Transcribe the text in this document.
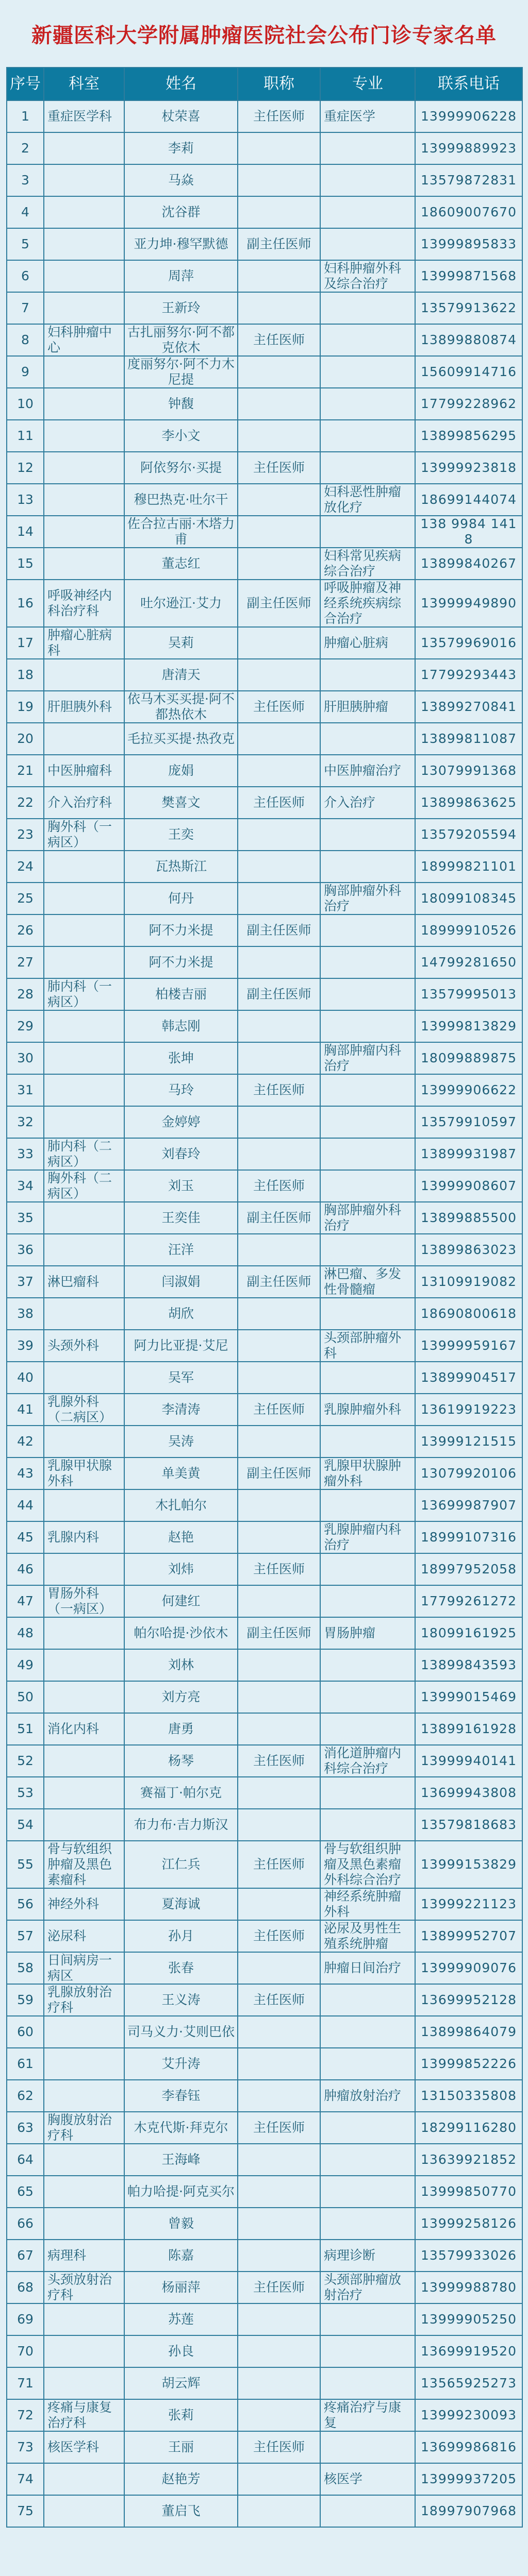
新疆医科大学附属肿瘤医院社会公布门诊专家名单
序号	科室	姓名	职称	专业	联系电话
1	重症医学科	杖荣喜	主任医师	重症医学	13999906228
2		李莉			13999889923
3		马焱			13579872831
4		沈谷群			18609007670
5		亚力坤·穆罕默德	副主任医师		13999895833
6		周萍		妇科肿瘤外科及综合治疗	13999871568
7		王新玲			13579913622
8	妇科肿瘤中心	古扎丽努尔·阿不都克依木	主任医师		13899880874
9		度丽努尔·阿不力木尼提			15609914716
10		钟馥			17799228962
11		李小文			13899856295
12		阿依努尔·买提	主任医师		13999923818
13		穆巴热克·吐尔干		妇科恶性肿瘤放化疗	18699144074
14		佐合拉古丽·木塔力甫			138 9984 1418
15		董志红		妇科常见疾病综合治疗	13899840267
16	呼吸神经内科治疗科	吐尔逊江·艾力	副主任医师	呼吸肿瘤及神经系统疾病综合治疗	13999949890
17	肿瘤心脏病科	吴莉		肿瘤心脏病	13579969016
18		唐清天			17799293443
19	肝胆胰外科	依马木买买提·阿不都热依木	主任医师	肝胆胰肿瘤	13899270841
20		毛拉买买提·热孜克			13899811087
21	中医肿瘤科	庞娟		中医肿瘤治疗	13079991368
22	介入治疗科	樊喜文	主任医师	介入治疗	13899863625
23	胸外科（一病区）	王奕			13579205594
24		瓦热斯江			18999821101
25		何丹		胸部肿瘤外科治疗	18099108345
26		阿不力米提	副主任医师		18999910526
27		阿不力米提			14799281650
28	肺内科（一病区）	柏楼吉丽	副主任医师		13579995013
29		韩志刚			13999813829
30		张坤		胸部肿瘤内科治疗	18099889875
31		马玲	主任医师		13999906622
32		金婷婷			13579910597
33	肺内科（二病区）	刘春玲			13899931987
34	胸外科（二病区）	刘玉	主任医师		13999908607
35		王奕佳	副主任医师	胸部肿瘤外科治疗	13899885500
36		汪洋			13899863023
37	淋巴瘤科	闫淑娟	副主任医师	淋巴瘤、多发性骨髓瘤	13109919082
38		胡欣			18690800618
39	头颈外科	阿力比亚提·艾尼		头颈部肿瘤外科	13999959167
40		吴军			13899904517
41	乳腺外科（二病区）	李清涛	主任医师	乳腺肿瘤外科	13619919223
42		吴涛			13999121515
43	乳腺甲状腺外科	单美黄	副主任医师	乳腺甲状腺肿瘤外科	13079920106
44		木扎帕尔			13699987907
45	乳腺内科	赵艳		乳腺肿瘤内科治疗	18999107316
46		刘炜	主任医师		18997952058
47	胃肠外科（一病区）	何建红			17799261272
48		帕尔哈提·沙依木	副主任医师	胃肠肿瘤	18099161925
49		刘林			13899843593
50		刘方亮			13999015469
51	消化内科	唐勇			13899161928
52		杨琴	主任医师	消化道肿瘤内科综合治疗	13999940141
53		赛福丁·帕尔克			13699943808
54		布力布·吉力斯汉			13579818683
55	骨与软组织肿瘤及黑色素瘤科	江仁兵	主任医师	骨与软组织肿瘤及黑色素瘤外科综合治疗	13999153829
56	神经外科	夏海诚		神经系统肿瘤外科	13999221123
57	泌尿科	孙月	主任医师	泌尿及男性生殖系统肿瘤	13899952707
58	日间病房一病区	张春		肿瘤日间治疗	13999909076
59	乳腺放射治疗科	王义涛	主任医师		13699952128
60		司马义力·艾则巴依			13899864079
61		艾升涛			13999852226
62		李春钰		肿瘤放射治疗	13150335808
63	胸腹放射治疗科	木克代斯·拜克尔	主任医师		18299116280
64		王海峰			13639921852
65		帕力哈提·阿克买尔			13999850770
66		曾毅			13999258126
67	病理科	陈嘉		病理诊断	13579933026
68	头颈放射治疗科	杨丽萍	主任医师	头颈部肿瘤放射治疗	13999988780
69		苏莲			13999905250
70		孙良			13699919520
71		胡云辉			13565925273
72	疼痛与康复治疗科	张莉		疼痛治疗与康复	13999230093
73	核医学科	王丽	主任医师		13699986816
74		赵艳芳		核医学	13999937205
75		董启飞			18997907968
